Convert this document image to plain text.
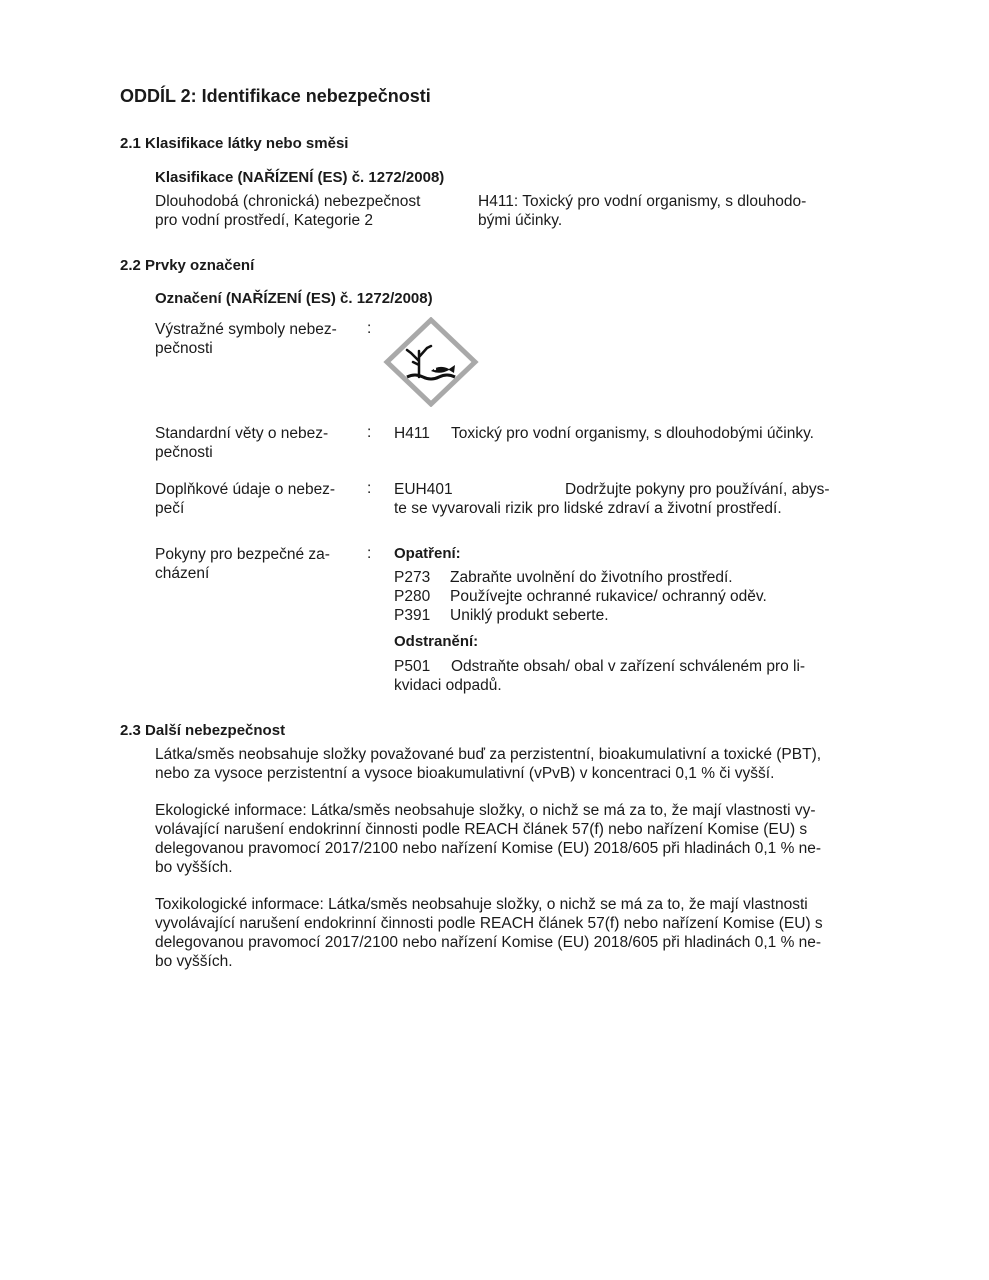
ODDÍL 2: Identifikace nebezpečnosti
2.1 Klasifikace látky nebo směsi
Klasifikace (NAŘÍZENÍ (ES) č. 1272/2008)
Dlouhodobá (chronická) nebezpečnost
pro vodní prostředí, Kategorie 2
H411: Toxický pro vodní organismy, s dlouhodo-
bými účinky.
2.2 Prvky označení
Označení (NAŘÍZENÍ (ES) č. 1272/2008)
Výstražné symboly nebez-
pečnosti
:
Standardní věty o nebez-
pečnosti
: H411 Toxický pro vodní organismy, s dlouhodobými účinky.
Doplňkové údaje o nebez-
pečí
: EUH401	Dodržujte pokyny pro používání, abys-
te se vyvarovali rizik pro lidské zdraví a životní prostředí.
Pokyny pro bezpečné za-
cházení
: Opatření:
P273 Zabraňte uvolnění do životního prostředí.
P280 Používejte ochranné rukavice/ ochranný oděv.
P391 Uniklý produkt seberte.
Odstranění:
P501 Odstraňte obsah/ obal v zařízení schváleném pro li-
kvidaci odpadů.
2.3 Další nebezpečnost
Látka/směs neobsahuje složky považované buď za perzistentní, bioakumulativní a toxické (PBT),
nebo za vysoce perzistentní a vysoce bioakumulativní (vPvB) v koncentraci 0,1 % či vyšší.
Ekologické informace: Látka/směs neobsahuje složky, o nichž se má za to, že mají vlastnosti vy-
volávající narušení endokrinní činnosti podle REACH článek 57(f) nebo nařízení Komise (EU) s
delegovanou pravomocí 2017/2100 nebo nařízení Komise (EU) 2018/605 při hladinách 0,1 % ne-
bo vyšších.
Toxikologické informace: Látka/směs neobsahuje složky, o nichž se má za to, že mají vlastnosti
vyvolávající narušení endokrinní činnosti podle REACH článek 57(f) nebo nařízení Komise (EU) s
delegovanou pravomocí 2017/2100 nebo nařízení Komise (EU) 2018/605 při hladinách 0,1 % ne-
bo vyšších.
